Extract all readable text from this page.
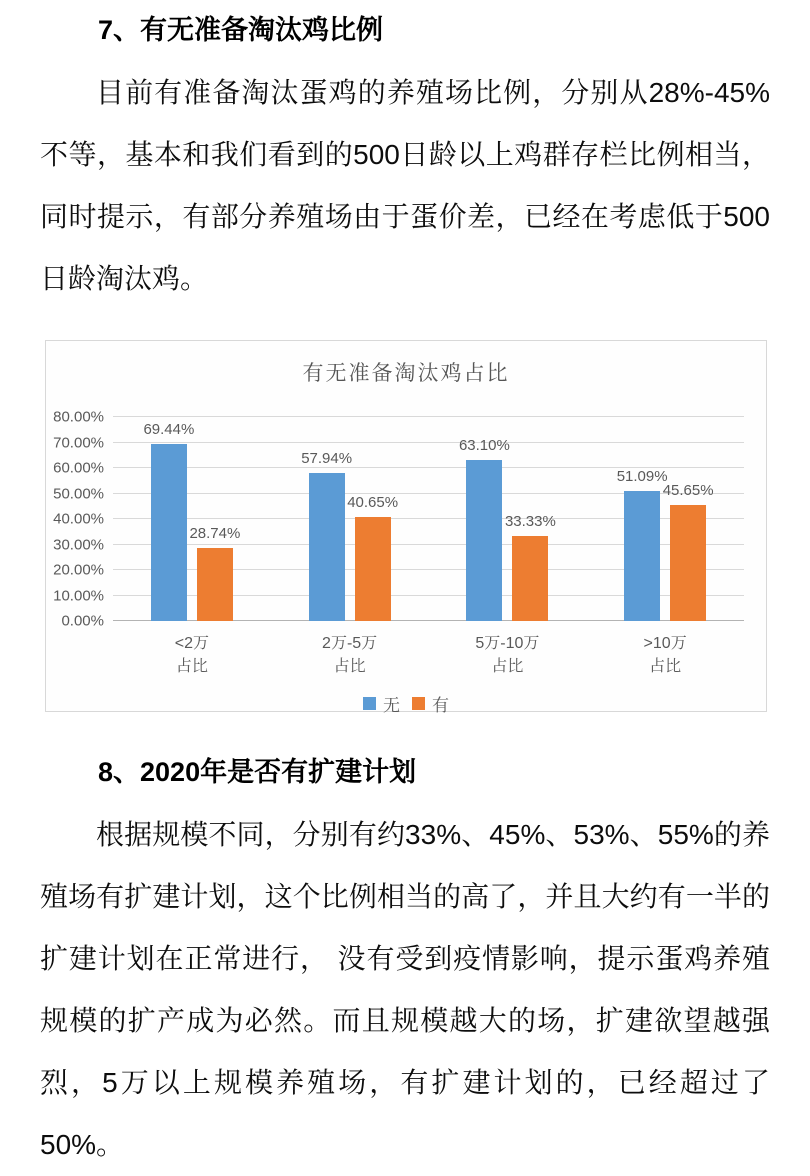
7、有无准备淘汰鸡比例

目前有准备淘汰蛋鸡的养殖场比例，分别从28%-45%不等，基本和我们看到的500日龄以上鸡群存栏比例相当，同时提示，有部分养殖场由于蛋价差，已经在考虑低于500日龄淘汰鸡。

有无准备淘汰鸡占比
0.00%
10.00%
20.00%
30.00%
40.00%
50.00%
60.00%
70.00%
80.00%
69.44%
28.74%
57.94%
40.65%
63.10%
33.33%
51.09%
45.65%
<2万
占比
2万-5万
占比
5万-10万
占比
>10万
占比
无 有
8、2020年是否有扩建计划

根据规模不同，分别有约33%、45%、53%、55%的养殖场有扩建计划，这个比例相当的高了，并且大约有一半的扩建计划在正常进行， 没有受到疫情影响，提示蛋鸡养殖规模的扩产成为必然。而且规模越大的场，扩建欲望越强烈，5万以上规模养殖场，有扩建计划的，已经超过了50%。
